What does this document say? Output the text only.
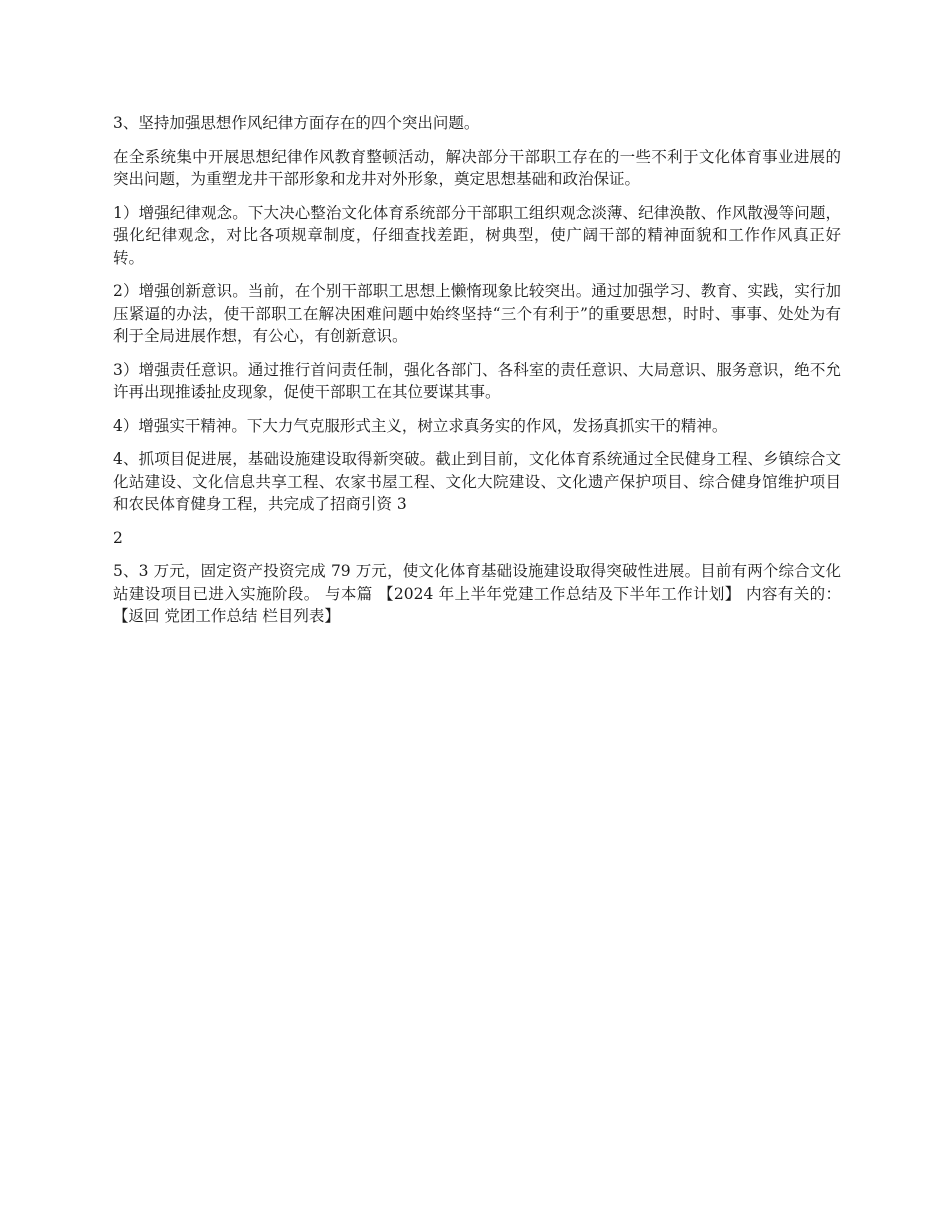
3、坚持加强思想作风纪律方面存在的四个突出问题。

在全系统集中开展思想纪律作风教育整顿活动，解决部分干部职工存在的一些不利于文化体育事业进展的突出问题，为重塑龙井干部形象和龙井对外形象，奠定思想基础和政治保证。

1）增强纪律观念。下大决心整治文化体育系统部分干部职工组织观念淡薄、纪律涣散、作风散漫等问题，强化纪律观念，对比各项规章制度，仔细查找差距，树典型，使广阔干部的精神面貌和工作作风真正好转。

2）增强创新意识。当前，在个别干部职工思想上懒惰现象比较突出。通过加强学习、教育、实践，实行加压紧逼的办法，使干部职工在解决困难问题中始终坚持“三个有利于”的重要思想，时时、事事、处处为有利于全局进展作想，有公心，有创新意识。

3）增强责任意识。通过推行首问责任制，强化各部门、各科室的责任意识、大局意识、服务意识，绝不允许再出现推诿扯皮现象，促使干部职工在其位要谋其事。

4）增强实干精神。下大力气克服形式主义，树立求真务实的作风，发扬真抓实干的精神。

4、抓项目促进展，基础设施建设取得新突破。截止到目前，文化体育系统通过全民健身工程、乡镇综合文化站建设、文化信息共享工程、农家书屋工程、文化大院建设、文化遗产保护项目、综合健身馆维护项目和农民体育健身工程，共完成了招商引资 3

2

5、3 万元，固定资产投资完成 79 万元，使文化体育基础设施建设取得突破性进展。目前有两个综合文化站建设项目已进入实施阶段。 与本篇 【2024 年上半年党建工作总结及下半年工作计划】 内容有关的：【返回 党团工作总结 栏目列表】
